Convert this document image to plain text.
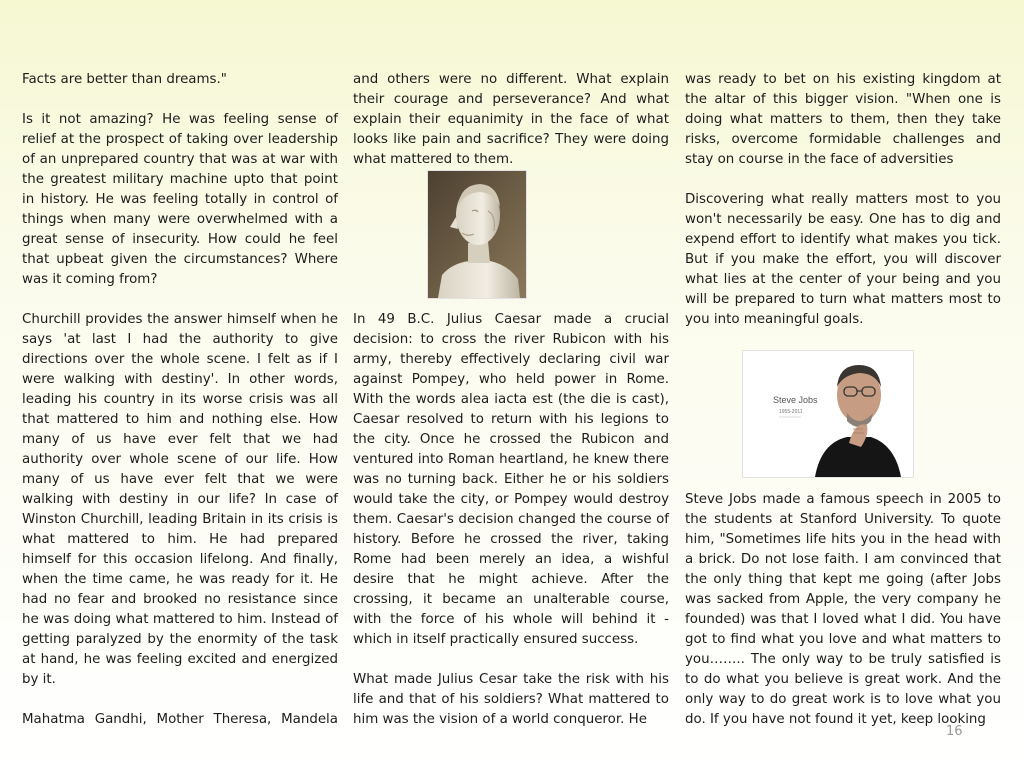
Facts are better than dreams."

Is it not amazing? He was feeling sense of relief at the prospect of taking over leadership of an unprepared country that was at war with the greatest military machine upto that point in history. He was feeling totally in control of things when many were overwhelmed with a great sense of insecurity. How could he feel that upbeat given the circumstances? Where was it coming from?

Churchill provides the answer himself when he says 'at last I had the authority to give directions over the whole scene. I felt as if I were walking with destiny'. In other words, leading his country in its worse crisis was all that mattered to him and nothing else. How many of us have ever felt that we had authority over whole scene of our life. How many of us have ever felt that we were walking with destiny in our life? In case of Winston Churchill, leading Britain in its crisis is what mattered to him. He had prepared himself for this occasion lifelong. And finally, when the time came, he was ready for it. He had no fear and brooked no resistance since he was doing what mattered to him. Instead of getting paralyzed by the enormity of the task at hand, he was feeling excited and energized by it.

Mahatma Gandhi, Mother Theresa, Mandela

and others were no different. What explain their courage and perseverance? And what explain their equanimity in the face of what looks like pain and sacrifice? They were doing what mattered to them.

In 49 B.C. Julius Caesar made a crucial decision: to cross the river Rubicon with his army, thereby effectively declaring civil war against Pompey, who held power in Rome. With the words alea iacta est (the die is cast), Caesar resolved to return with his legions to the city. Once he crossed the Rubicon and ventured into Roman heartland, he knew there was no turning back. Either he or his soldiers would take the city, or Pompey would destroy them. Caesar's decision changed the course of history. Before he crossed the river, taking Rome had been merely an idea, a wishful desire that he might achieve. After the crossing, it became an unalterable course, with the force of his whole will behind it - which in itself practically ensured success.

What made Julius Cesar take the risk with his life and that of his soldiers? What mattered to him was the vision of a world conqueror. He

was ready to bet on his existing kingdom at the altar of this bigger vision. "When one is doing what matters to them, then they take risks, overcome formidable challenges and stay on course in the face of adversities

Discovering what really matters most to you won't necessarily be easy. One has to dig and expend effort to identify what makes you tick. But if you make the effort, you will discover what lies at the center of your being and you will be prepared to turn what matters most to you into meaningful goals.

Steve Jobs
1955-2011

Steve Jobs made a famous speech in 2005 to the students at Stanford University. To quote him, "Sometimes life hits you in the head with a brick. Do not lose faith. I am convinced that the only thing that kept me going (after Jobs was sacked from Apple, the very company he founded) was that I loved what I did. You have got to find what you love and what matters to you…….. The only way to be truly satisfied is to do what you believe is great work. And the only way to do great work is to love what you do. If you have not found it yet, keep looking

16
